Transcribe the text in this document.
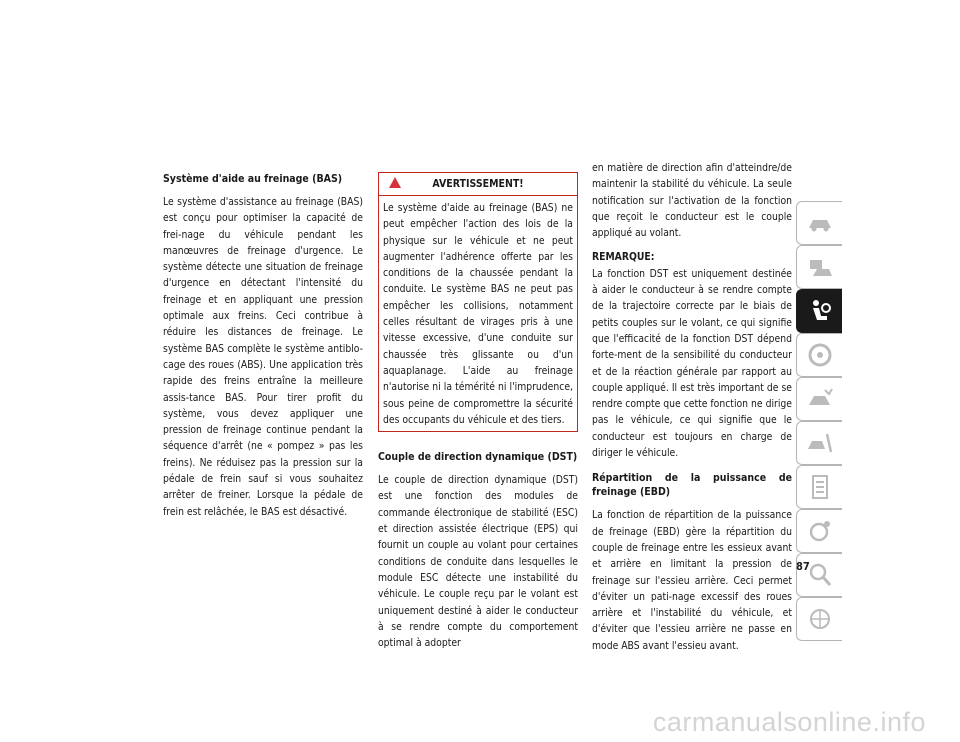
Système d'aide au freinage (BAS)

Le système d'assistance au freinage (BAS) est conçu pour optimiser la capacité de frei-nage du véhicule pendant les manœuvres de freinage d'urgence. Le système détecte une situation de freinage d'urgence en détectant l'intensité du freinage et en appliquant une pression optimale aux freins. Ceci contribue à réduire les distances de freinage. Le système BAS complète le système antiblo-cage des roues (ABS). Une application très rapide des freins entraîne la meilleure assis-tance BAS. Pour tirer profit du système, vous devez appliquer une pression de freinage continue pendant la séquence d'arrêt (ne « pompez » pas les freins). Ne réduisez pas la pression sur la pédale de frein sauf si vous souhaitez arrêter de freiner. Lorsque la pédale de frein est relâchée, le BAS est désactivé.

AVERTISSEMENT!
Le système d'aide au freinage (BAS) ne peut empêcher l'action des lois de la physique sur le véhicule et ne peut augmenter l'adhérence offerte par les conditions de la chaussée pendant la conduite. Le système BAS ne peut pas empêcher les collisions, notamment celles résultant de virages pris à une vitesse excessive, d'une conduite sur chaussée très glissante ou d'un aquaplanage. L'aide au freinage n'autorise ni la témérité ni l'imprudence, sous peine de compromettre la sécurité des occupants du véhicule et des tiers.
Couple de direction dynamique (DST)

Le couple de direction dynamique (DST) est une fonction des modules de commande électronique de stabilité (ESC) et direction assistée électrique (EPS) qui fournit un couple au volant pour certaines conditions de conduite dans lesquelles le module ESC détecte une instabilité du véhicule. Le couple reçu par le volant est uniquement destiné à aider le conducteur à se rendre compte du comportement optimal à adopter

en matière de direction afin d'atteindre/de maintenir la stabilité du véhicule. La seule notification sur l'activation de la fonction que reçoit le conducteur est le couple appliqué au volant.

REMARQUE:

La fonction DST est uniquement destinée à aider le conducteur à se rendre compte de la trajectoire correcte par le biais de petits couples sur le volant, ce qui signifie que l'efficacité de la fonction DST dépend forte-ment de la sensibilité du conducteur et de la réaction générale par rapport au couple appliqué. Il est très important de se rendre compte que cette fonction ne dirige pas le véhicule, ce qui signifie que le conducteur est toujours en charge de diriger le véhicule.

Répartition de la puissance de freinage (EBD)

La fonction de répartition de la puissance de freinage (EBD) gère la répartition du couple de freinage entre les essieux avant et arrière en limitant la pression de freinage sur l'essieu arrière. Ceci permet d'éviter un pati-nage excessif des roues arrière et l'instabilité du véhicule, et d'éviter que l'essieu arrière ne passe en mode ABS avant l'essieu avant.

87
carmanualsonline.info
